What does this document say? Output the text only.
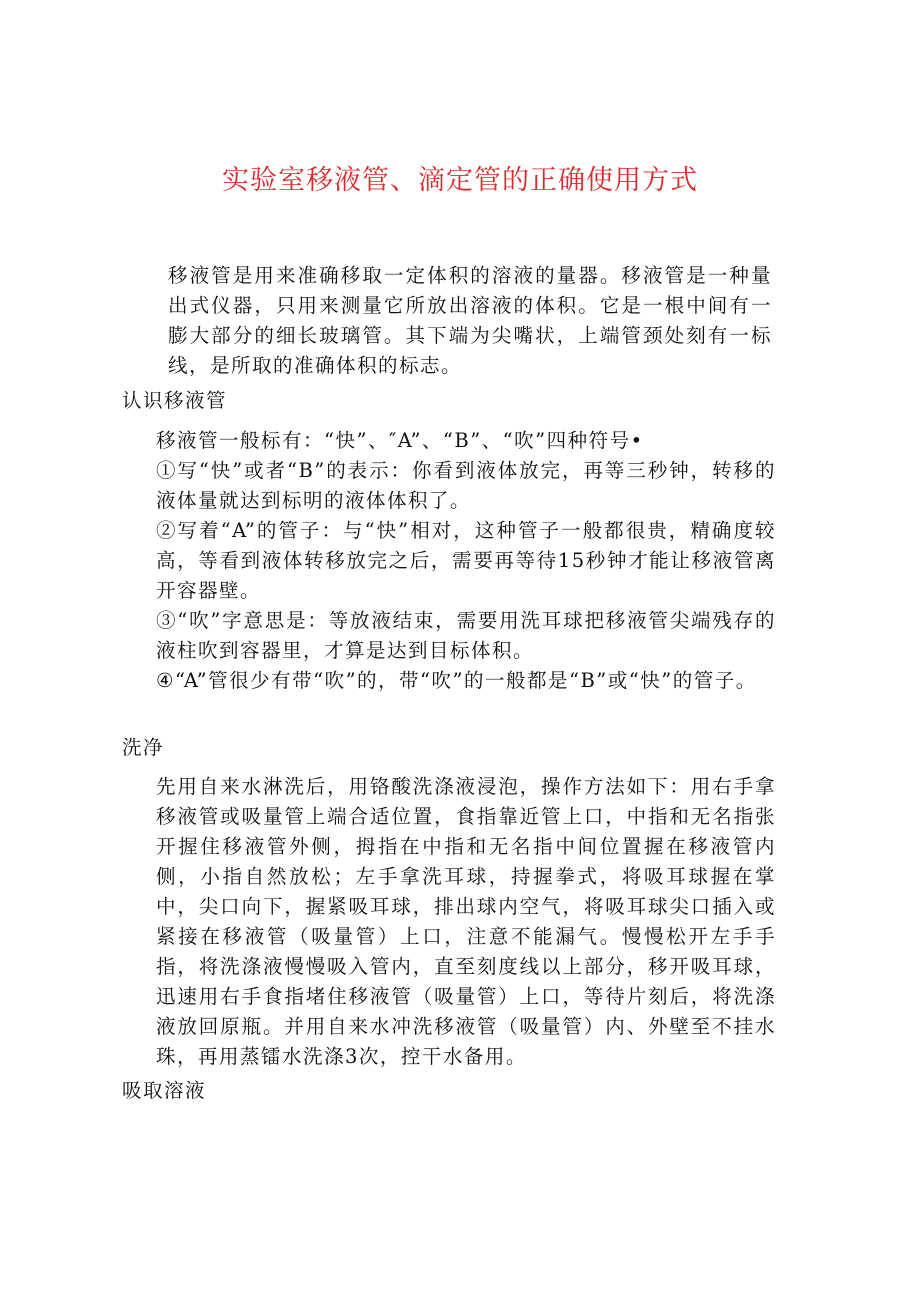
实验室移液管、滴定管的正确使用方式

移液管是用来准确移取一定体积的溶液的量器。移液管是一种量出式仪器，只用来测量它所放出溶液的体积。它是一根中间有一膨大部分的细长玻璃管。其下端为尖嘴状，上端管颈处刻有一标线，是所取的准确体积的标志。

认识移液管

移液管一般标有：“快”、″A”、“B”、“吹”四种符号•

①写“快”或者“B”的表示：你看到液体放完，再等三秒钟，转移的液体量就达到标明的液体体积了。

②写着“A”的管子：与“快”相对，这种管子一般都很贵，精确度较高，等看到液体转移放完之后，需要再等待15秒钟才能让移液管离开容器壁。

③“吹”字意思是：等放液结束，需要用洗耳球把移液管尖端残存的液柱吹到容器里，才算是达到目标体积。

④“A”管很少有带“吹”的，带“吹”的一般都是“B”或“快”的管子。

洗净

先用自来水淋洗后，用铬酸洗涤液浸泡，操作方法如下：用右手拿移液管或吸量管上端合适位置，食指靠近管上口，中指和无名指张开握住移液管外侧，拇指在中指和无名指中间位置握在移液管内侧，小指自然放松；左手拿洗耳球，持握拳式，将吸耳球握在掌中，尖口向下，握紧吸耳球，排出球内空气，将吸耳球尖口插入或紧接在移液管（吸量管）上口，注意不能漏气。慢慢松开左手手指，将洗涤液慢慢吸入管内，直至刻度线以上部分，移开吸耳球，迅速用右手食指堵住移液管（吸量管）上口，等待片刻后，将洗涤液放回原瓶。并用自来水冲洗移液管（吸量管）内、外壁至不挂水珠，再用蒸镭水洗涤3次，控干水备用。

吸取溶液
